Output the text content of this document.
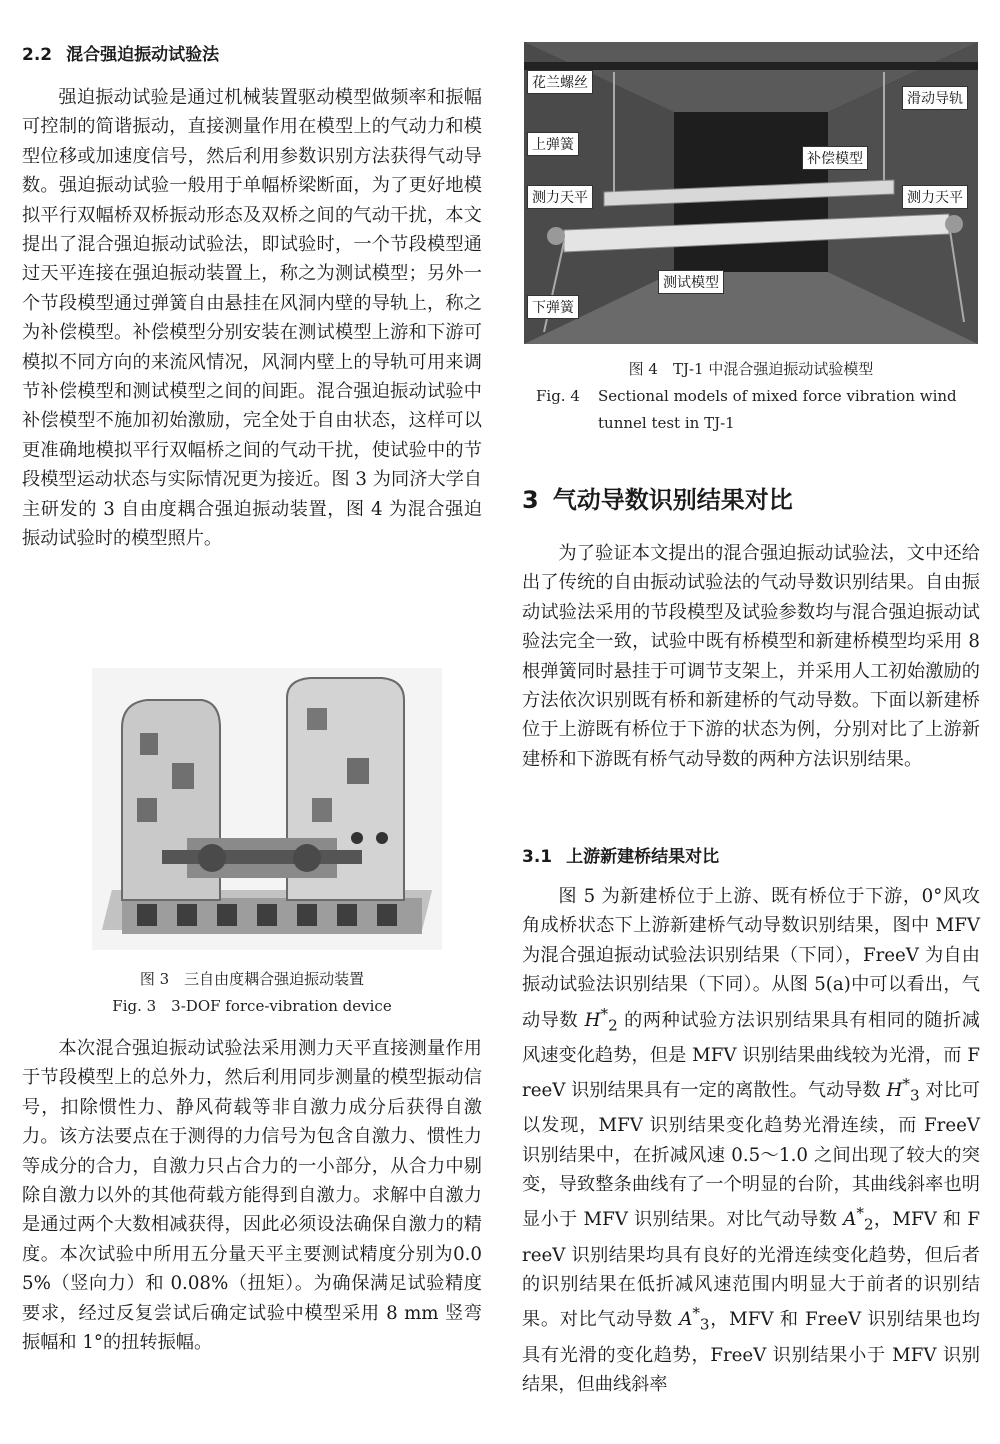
2.2 混合强迫振动试验法

强迫振动试验是通过机械装置驱动模型做频率和振幅可控制的简谐振动，直接测量作用在模型上的气动力和模型位移或加速度信号，然后利用参数识别方法获得气动导数。强迫振动试验一般用于单幅桥梁断面，为了更好地模拟平行双幅桥双桥振动形态及双桥之间的气动干扰，本文提出了混合强迫振动试验法，即试验时，一个节段模型通过天平连接在强迫振动装置上，称之为测试模型；另外一个节段模型通过弹簧自由悬挂在风洞内壁的导轨上，称之为补偿模型。补偿模型分别安装在测试模型上游和下游可模拟不同方向的来流风情况，风洞内壁上的导轨可用来调节补偿模型和测试模型之间的间距。混合强迫振动试验中补偿模型不施加初始激励，完全处于自由状态，这样可以更准确地模拟平行双幅桥之间的气动干扰，使试验中的节段模型运动状态与实际情况更为接近。图 3 为同济大学自主研发的 3 自由度耦合强迫振动装置，图 4 为混合强迫振动试验时的模型照片。

图 3　三自由度耦合强迫振动装置
Fig. 3　3-DOF force-vibration device

本次混合强迫振动试验法采用测力天平直接测量作用于节段模型上的总外力，然后利用同步测量的模型振动信号，扣除惯性力、静风荷载等非自激力成分后获得自激力。该方法要点在于测得的力信号为包含自激力、惯性力等成分的合力，自激力只占合力的一小部分，从合力中剔除自激力以外的其他荷载方能得到自激力。求解中自激力是通过两个大数相减获得，因此必须设法确保自激力的精度。本次试验中所用五分量天平主要测试精度分别为0.05%（竖向力）和 0.08%（扭矩）。为确保满足试验精度要求，经过反复尝试后确定试验中模型采用 8 mm 竖弯振幅和 1°的扭转振幅。

花兰螺丝
上弹簧
测力天平
下弹簧
滑动导轨
补偿模型
测力天平
测试模型
图 4　TJ-1 中混合强迫振动试验模型
Fig. 4	Sectional models of mixed force vibration wind tunnel test in TJ-1
3 气动导数识别结果对比

为了验证本文提出的混合强迫振动试验法，文中还给出了传统的自由振动试验法的气动导数识别结果。自由振动试验法采用的节段模型及试验参数均与混合强迫振动试验法完全一致，试验中既有桥模型和新建桥模型均采用 8 根弹簧同时悬挂于可调节支架上，并采用人工初始激励的方法依次识别既有桥和新建桥的气动导数。下面以新建桥位于上游既有桥位于下游的状态为例，分别对比了上游新建桥和下游既有桥气动导数的两种方法识别结果。

3.1 上游新建桥结果对比

图 5 为新建桥位于上游、既有桥位于下游，0°风攻角成桥状态下上游新建桥气动导数识别结果，图中 MFV 为混合强迫振动试验法识别结果（下同），FreeV 为自由振动试验法识别结果（下同）。从图 5(a)中可以看出，气动导数 $H^*_2$ 的两种试验方法识别结果具有相同的随折减风速变化趋势，但是 MFV 识别结果曲线较为光滑，而 FreeV 识别结果具有一定的离散性。气动导数 $H^*_3$ 对比可以发现，MFV 识别结果变化趋势光滑连续，而 FreeV 识别结果中，在折减风速 0.5～1.0 之间出现了较大的突变，导致整条曲线有了一个明显的台阶，其曲线斜率也明显小于 MFV 识别结果。对比气动导数 $A^*_2$，MFV 和 FreeV 识别结果均具有良好的光滑连续变化趋势，但后者的识别结果在低折减风速范围内明显大于前者的识别结果。对比气动导数 $A^*_3$，MFV 和 FreeV 识别结果也均具有光滑的变化趋势，FreeV 识别结果小于 MFV 识别结果，但曲线斜率
